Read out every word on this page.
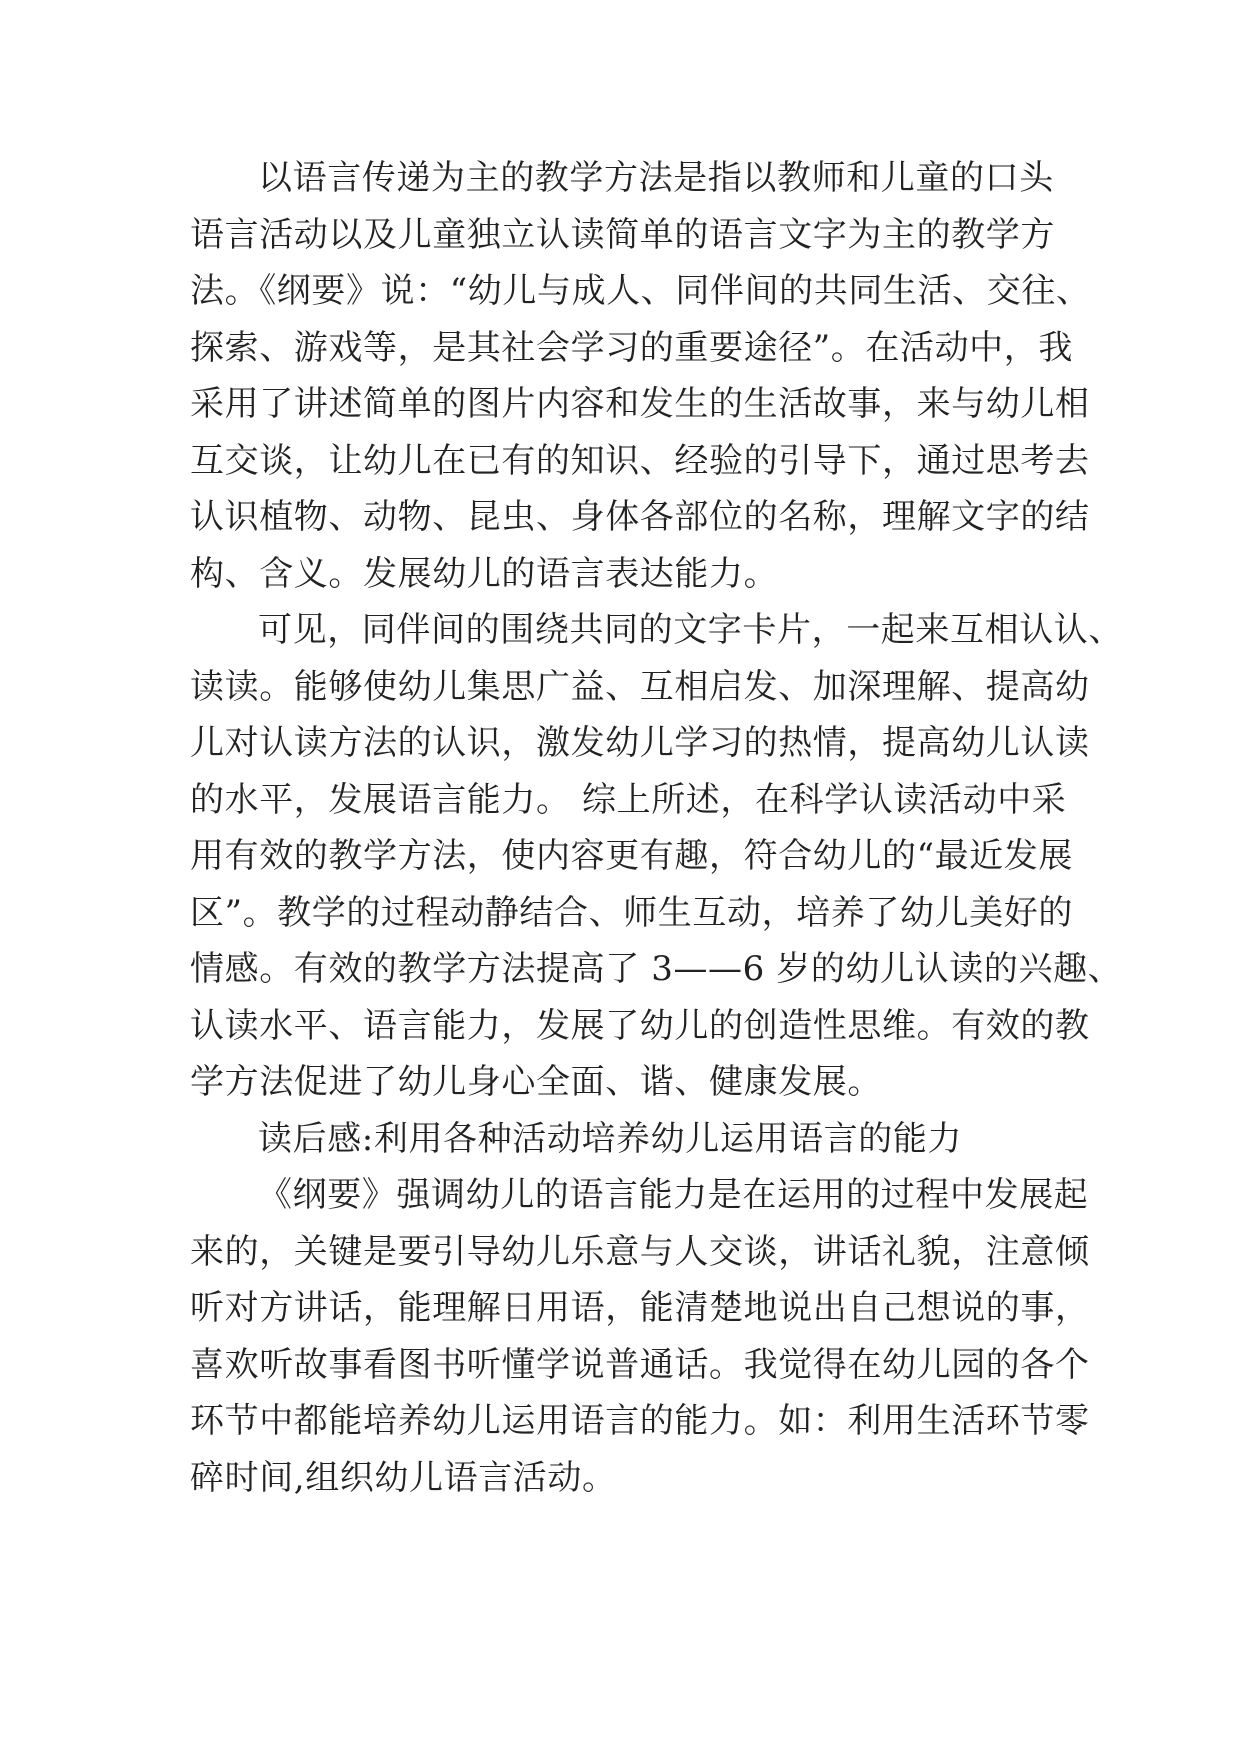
以语言传递为主的教学方法是指以教师和儿童的口头
语言活动以及儿童独立认读简单的语言文字为主的教学方
法。《纲要》说：“幼儿与成人、同伴间的共同生活、交往、
探索、游戏等，是其社会学习的重要途径”。在活动中，我
采用了讲述简单的图片内容和发生的生活故事，来与幼儿相
互交谈，让幼儿在已有的知识、经验的引导下，通过思考去
认识植物、动物、昆虫、身体各部位的名称，理解文字的结
构、含义。发展幼儿的语言表达能力。
可见，同伴间的围绕共同的文字卡片，一起来互相认认、
读读。能够使幼儿集思广益、互相启发、加深理解、提高幼
儿对认读方法的认识，激发幼儿学习的热情，提高幼儿认读
的水平，发展语言能力。 综上所述，在科学认读活动中采
用有效的教学方法，使内容更有趣，符合幼儿的“最近发展
区”。教学的过程动静结合、师生互动，培养了幼儿美好的
情感。有效的教学方法提高了 3——6 岁的幼儿认读的兴趣、
认读水平、语言能力，发展了幼儿的创造性思维。有效的教
学方法促进了幼儿身心全面、谐、健康发展。
读后感:利用各种活动培养幼儿运用语言的能力
《纲要》强调幼儿的语言能力是在运用的过程中发展起
来的，关键是要引导幼儿乐意与人交谈，讲话礼貌，注意倾
听对方讲话，能理解日用语，能清楚地说出自己想说的事，
喜欢听故事看图书听懂学说普通话。我觉得在幼儿园的各个
环节中都能培养幼儿运用语言的能力。如：利用生活环节零
碎时间,组织幼儿语言活动。
